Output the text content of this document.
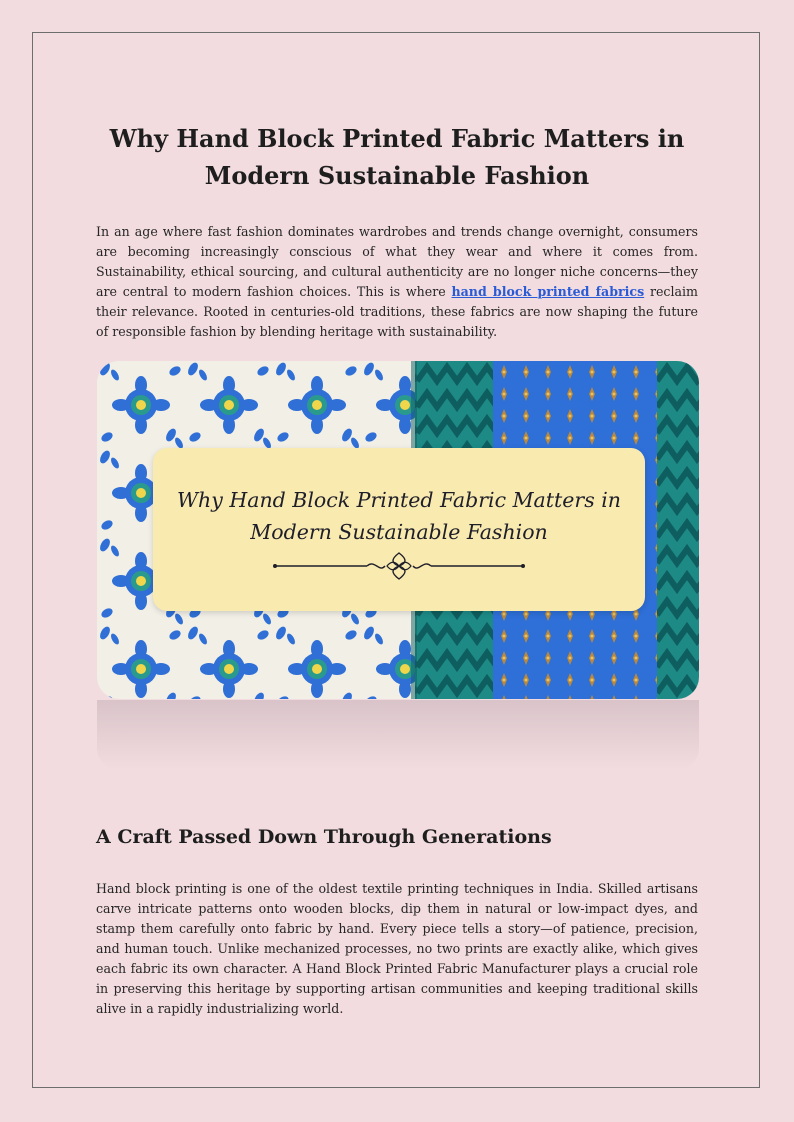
Why Hand Block Printed Fabric Matters in
Modern Sustainable Fashion

In an age where fast fashion dominates wardrobes and trends change overnight, consumers are becoming increasingly conscious of what they wear and where it comes from. Sustainability, ethical sourcing, and cultural authenticity are no longer niche concerns—they are central to modern fashion choices. This is where hand block printed fabrics reclaim their relevance. Rooted in centuries-old traditions, these fabrics are now shaping the future of responsible fashion by blending heritage with sustainability.

Why Hand Block Printed Fabric Matters in
Modern Sustainable Fashion

A Craft Passed Down Through Generations

Hand block printing is one of the oldest textile printing techniques in India. Skilled artisans carve intricate patterns onto wooden blocks, dip them in natural or low-impact dyes, and stamp them carefully onto fabric by hand. Every piece tells a story—of patience, precision, and human touch. Unlike mechanized processes, no two prints are exactly alike, which gives each fabric its own character. A Hand Block Printed Fabric Manufacturer plays a crucial role in preserving this heritage by supporting artisan communities and keeping traditional skills alive in a rapidly industrializing world.
